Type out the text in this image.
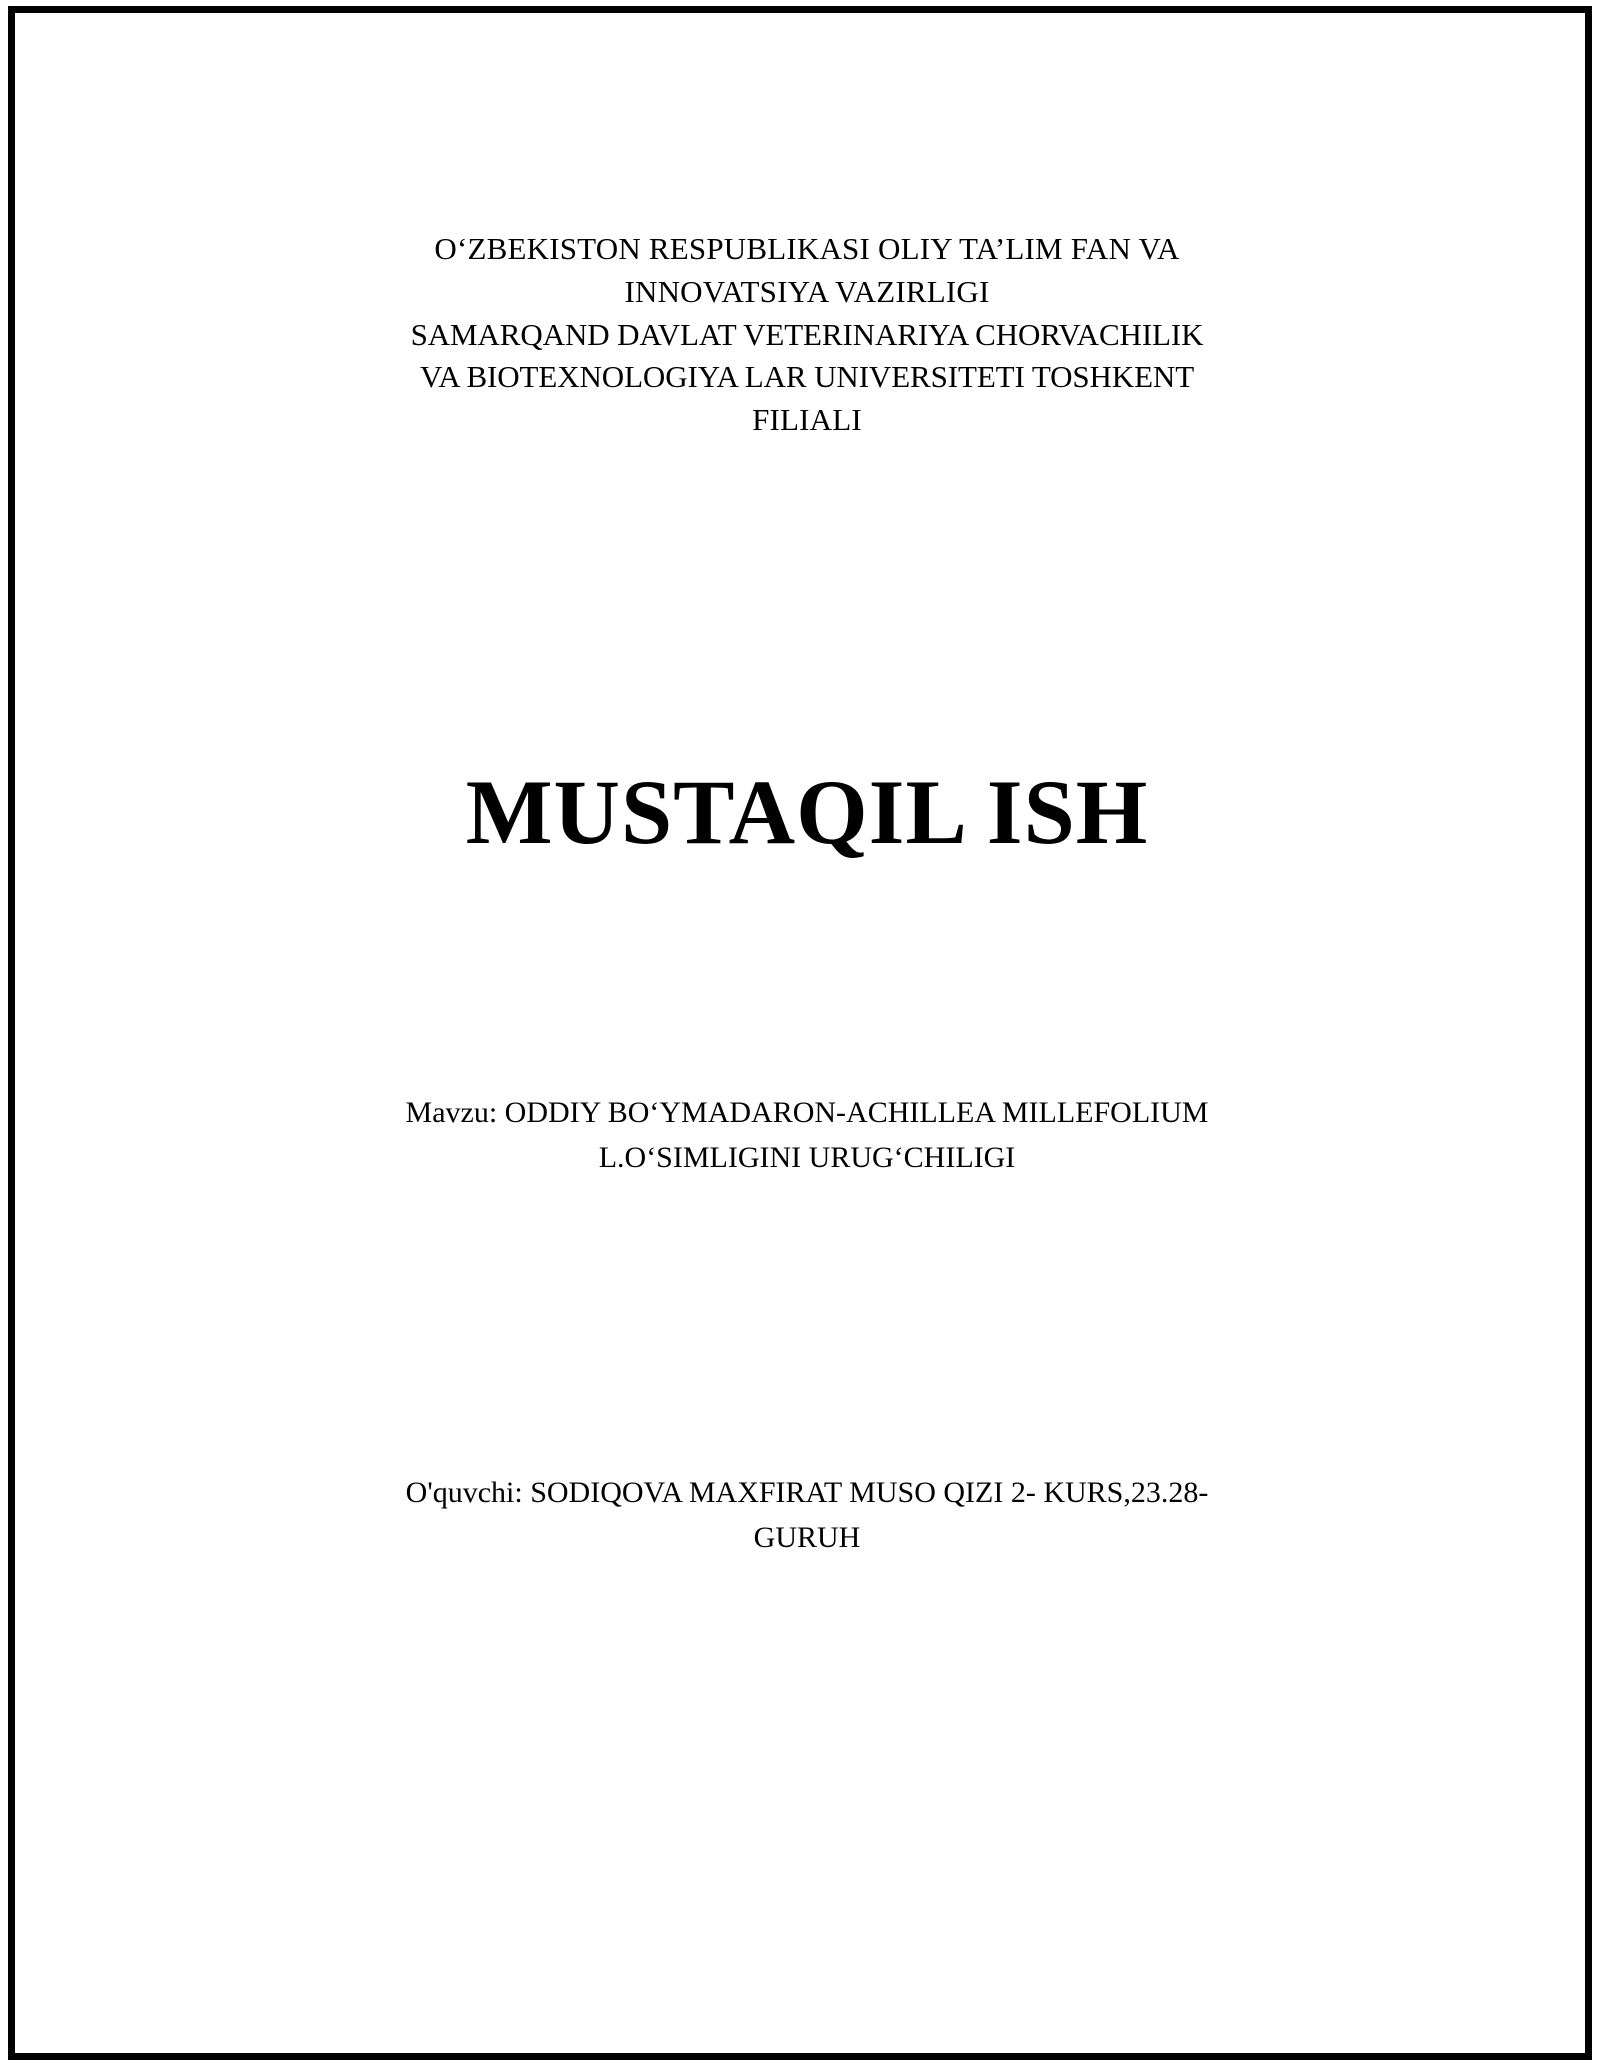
O‘ZBEKISTON RESPUBLIKASI OLIY TA’LIM FAN VA
INNOVATSIYA VAZIRLIGI
SAMARQAND DAVLAT VETERINARIYA CHORVACHILIK
VA BIOTEXNOLOGIYA LAR UNIVERSITETI TOSHKENT
FILIALI
MUSTAQIL ISH
Mavzu: ODDIY BO‘YMADARON-ACHILLEA MILLEFOLIUM
L.O‘SIMLIGINI URUG‘CHILIGI
O'quvchi: SODIQOVA MAXFIRAT MUSO QIZI 2- KURS,23.28-
GURUH
